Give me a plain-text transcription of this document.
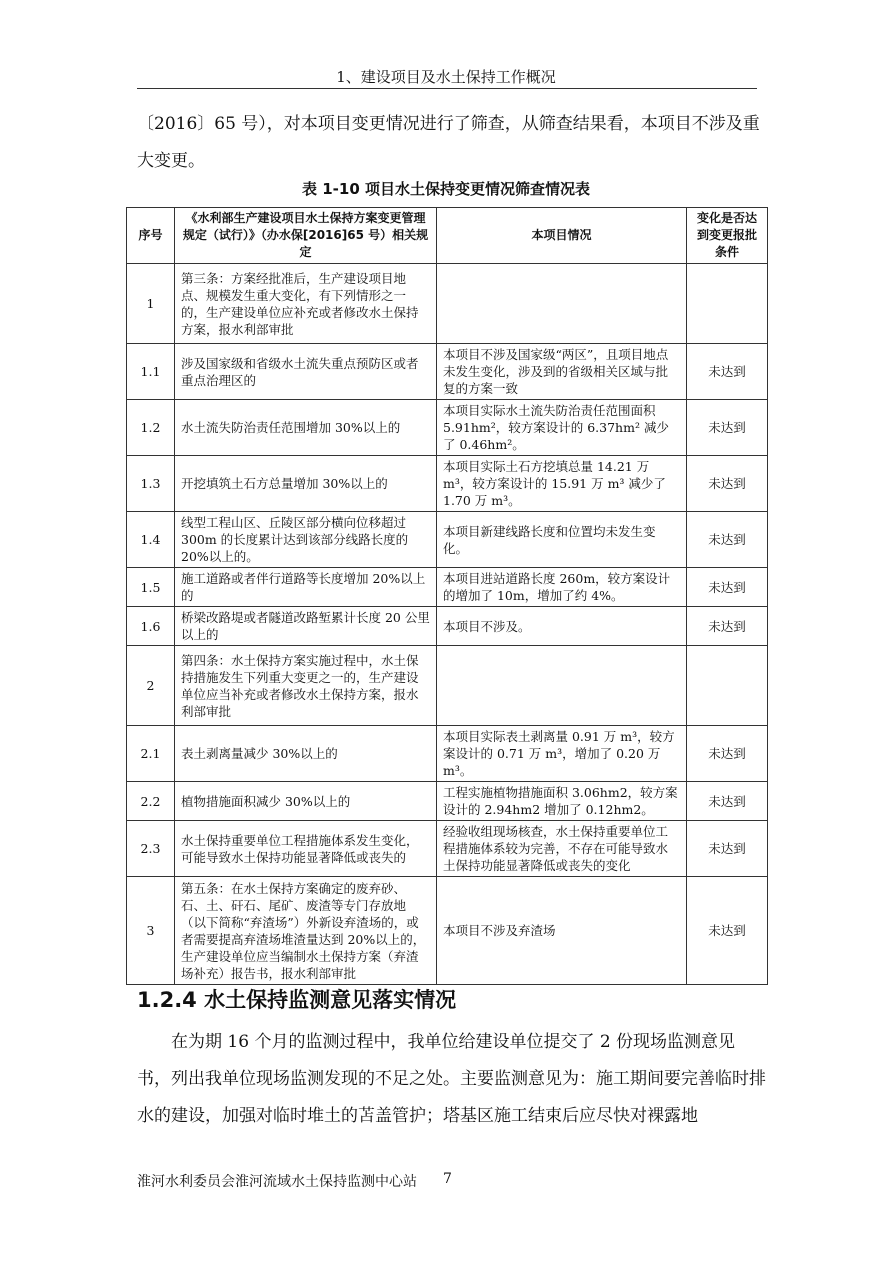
1、建设项目及水土保持工作概况
〔2016〕65 号），对本项目变更情况进行了筛查，从筛查结果看，本项目不涉及重大变更。
表 1-10 项目水土保持变更情况筛查情况表
序号	《水利部生产建设项目水土保持方案变更管理规定（试行）》（办水保[2016]65 号）相关规定	本项目情况	变化是否达到变更报批条件
1	第三条：方案经批准后，生产建设项目地点、规模发生重大变化，有下列情形之一的，生产建设单位应补充或者修改水土保持方案，报水利部审批		
1.1	涉及国家级和省级水土流失重点预防区或者重点治理区的	本项目不涉及国家级“两区”，且项目地点未发生变化，涉及到的省级相关区域与批复的方案一致	未达到
1.2	水土流失防治责任范围增加 30%以上的	本项目实际水土流失防治责任范围面积 5.91hm²，较方案设计的 6.37hm² 减少了 0.46hm²。	未达到
1.3	开挖填筑土石方总量增加 30%以上的	本项目实际土石方挖填总量 14.21 万 m³，较方案设计的 15.91 万 m³ 减少了 1.70 万 m³。	未达到
1.4	线型工程山区、丘陵区部分横向位移超过 300m 的长度累计达到该部分线路长度的 20%以上的。	本项目新建线路长度和位置均未发生变化。	未达到
1.5	施工道路或者伴行道路等长度增加 20%以上的	本项目进站道路长度 260m，较方案设计的增加了 10m，增加了约 4%。	未达到
1.6	桥梁改路堤或者隧道改路堑累计长度 20 公里以上的	本项目不涉及。	未达到
2	第四条：水土保持方案实施过程中，水土保持措施发生下列重大变更之一的，生产建设单位应当补充或者修改水土保持方案，报水利部审批		
2.1	表土剥离量减少 30%以上的	本项目实际表土剥离量 0.91 万 m³，较方案设计的 0.71 万 m³，增加了 0.20 万 m³。	未达到
2.2	植物措施面积减少 30%以上的	工程实施植物措施面积 3.06hm2，较方案设计的 2.94hm2 增加了 0.12hm2。	未达到
2.3	水土保持重要单位工程措施体系发生变化，可能导致水土保持功能显著降低或丧失的	经验收组现场核查，水土保持重要单位工程措施体系较为完善，不存在可能导致水土保持功能显著降低或丧失的变化	未达到
3	第五条：在水土保持方案确定的废弃砂、石、土、矸石、尾矿、废渣等专门存放地（以下简称“弃渣场”）外新设弃渣场的，或者需要提高弃渣场堆渣量达到 20%以上的，生产建设单位应当编制水土保持方案（弃渣场补充）报告书，报水利部审批	本项目不涉及弃渣场	未达到
1.2.4 水土保持监测意见落实情况
在为期 16 个月的监测过程中，我单位给建设单位提交了 2 份现场监测意见书，列出我单位现场监测发现的不足之处。主要监测意见为：施工期间要完善临时排水的建设，加强对临时堆土的苫盖管护；塔基区施工结束后应尽快对裸露地
淮河水利委员会淮河流域水土保持监测中心站 7
